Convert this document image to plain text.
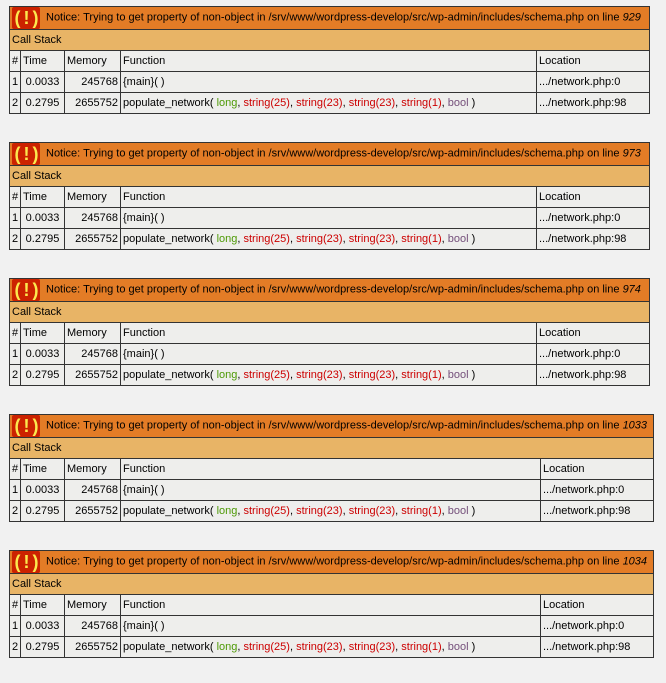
( ! ) Notice: Trying to get property of non-object in /srv/www/wordpress-develop/src/wp-admin/includes/schema.php on line 929				
Call Stack				
#	Time	Memory	Function	Location
1	0.0033	245768	{main}( )	.../network.php:0
2	0.2795	2655752	populate_network( long, string(25), string(23), string(23), string(1), bool )	.../network.php:98
( ! ) Notice: Trying to get property of non-object in /srv/www/wordpress-develop/src/wp-admin/includes/schema.php on line 973				
Call Stack				
#	Time	Memory	Function	Location
1	0.0033	245768	{main}( )	.../network.php:0
2	0.2795	2655752	populate_network( long, string(25), string(23), string(23), string(1), bool )	.../network.php:98
( ! ) Notice: Trying to get property of non-object in /srv/www/wordpress-develop/src/wp-admin/includes/schema.php on line 974				
Call Stack				
#	Time	Memory	Function	Location
1	0.0033	245768	{main}( )	.../network.php:0
2	0.2795	2655752	populate_network( long, string(25), string(23), string(23), string(1), bool )	.../network.php:98
( ! ) Notice: Trying to get property of non-object in /srv/www/wordpress-develop/src/wp-admin/includes/schema.php on line 1033				
Call Stack				
#	Time	Memory	Function	Location
1	0.0033	245768	{main}( )	.../network.php:0
2	0.2795	2655752	populate_network( long, string(25), string(23), string(23), string(1), bool )	.../network.php:98
( ! ) Notice: Trying to get property of non-object in /srv/www/wordpress-develop/src/wp-admin/includes/schema.php on line 1034				
Call Stack				
#	Time	Memory	Function	Location
1	0.0033	245768	{main}( )	.../network.php:0
2	0.2795	2655752	populate_network( long, string(25), string(23), string(23), string(1), bool )	.../network.php:98
